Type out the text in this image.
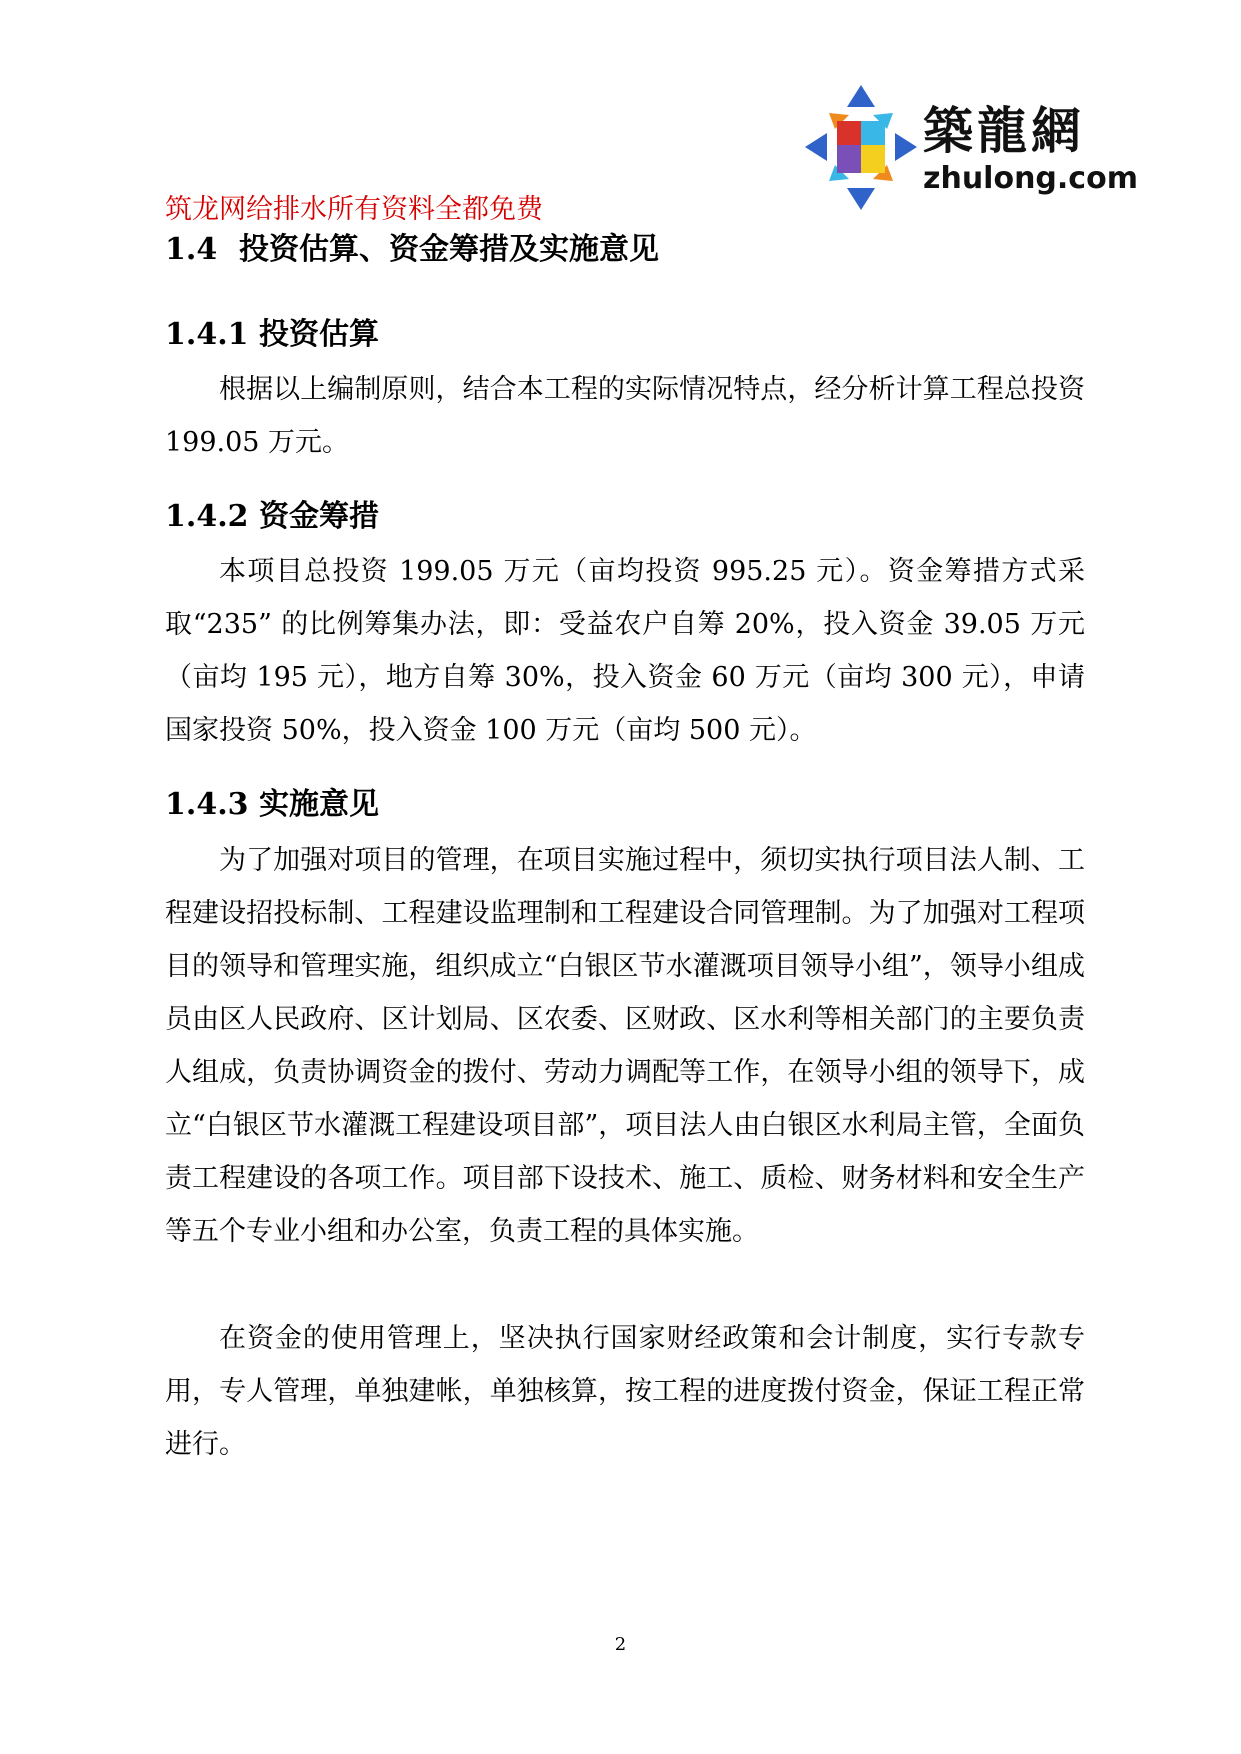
築龍網
zhulong.com
筑龙网给排水所有资料全都免费
1.4 投资估算、资金筹措及实施意见
1.4.1 投资估算
根据以上编制原则，结合本工程的实际情况特点，经分析计算工程总投资 199.05 万元。
1.4.2 资金筹措
本项目总投资 199.05 万元（亩均投资 995.25 元）。资金筹措方式采取“235” 的比例筹集办法，即：受益农户自筹 20%，投入资金 39.05 万元（亩均 195 元），地方自筹 30%，投入资金 60 万元（亩均 300 元），申请国家投资 50%，投入资金 100 万元（亩均 500 元）。
1.4.3 实施意见
为了加强对项目的管理，在项目实施过程中，须切实执行项目法人制、工程建设招投标制、工程建设监理制和工程建设合同管理制。为了加强对工程项目的领导和管理实施，组织成立“白银区节水灌溉项目领导小组”，领导小组成员由区人民政府、区计划局、区农委、区财政、区水利等相关部门的主要负责人组成，负责协调资金的拨付、劳动力调配等工作，在领导小组的领导下，成立“白银区节水灌溉工程建设项目部”，项目法人由白银区水利局主管，全面负责工程建设的各项工作。项目部下设技术、施工、质检、财务材料和安全生产等五个专业小组和办公室，负责工程的具体实施。
在资金的使用管理上，坚决执行国家财经政策和会计制度，实行专款专用，专人管理，单独建帐，单独核算，按工程的进度拨付资金，保证工程正常进行。
2
